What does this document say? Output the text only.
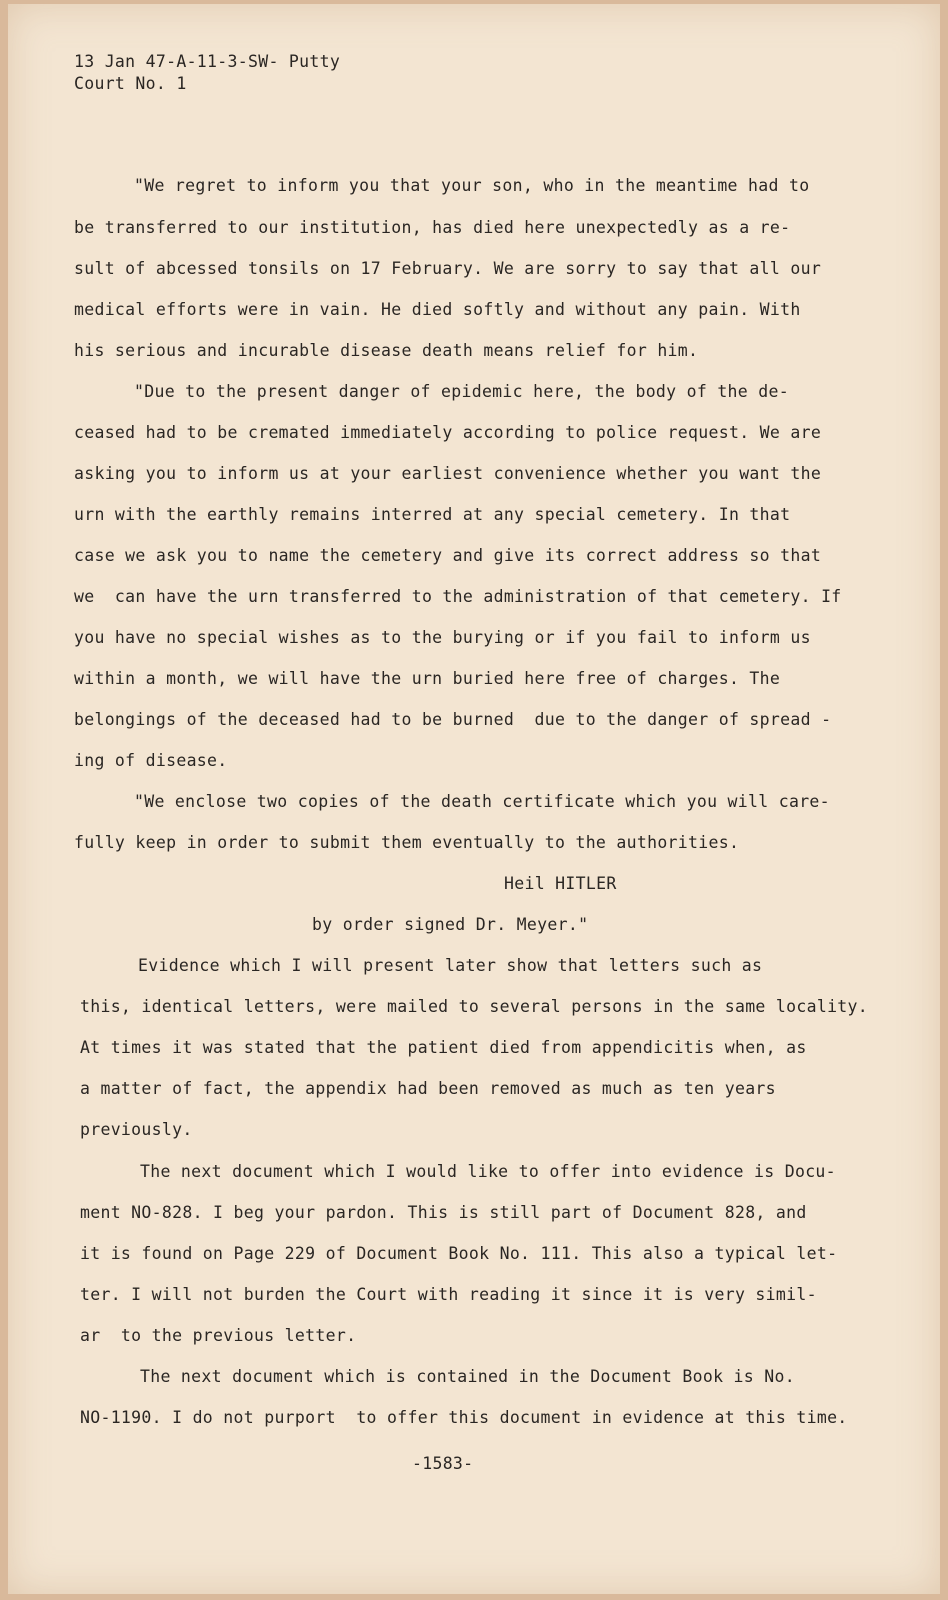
13 Jan 47-A-11-3-SW- Putty
Court No. 1
"We regret to inform you that your son, who in the meantime had to
be transferred to our institution, has died here unexpectedly as a re-
sult of abcessed tonsils on 17 February. We are sorry to say that all our
medical efforts were in vain. He died softly and without any pain. With
his serious and incurable disease death means relief for him.
"Due to the present danger of epidemic here, the body of the de-
ceased had to be cremated immediately according to police request. We are
asking you to inform us at your earliest convenience whether you want the
urn with the earthly remains interred at any special cemetery. In that
case we ask you to name the cemetery and give its correct address so that
we  can have the urn transferred to the administration of that cemetery. If
you have no special wishes as to the burying or if you fail to inform us
within a month, we will have the urn buried here free of charges. The
belongings of the deceased had to be burned  due to the danger of spread -
ing of disease.
"We enclose two copies of the death certificate which you will care-
fully keep in order to submit them eventually to the authorities.
Heil HITLER
by order signed Dr. Meyer."
Evidence which I will present later show that letters such as
this, identical letters, were mailed to several persons in the same locality.
At times it was stated that the patient died from appendicitis when, as
a matter of fact, the appendix had been removed as much as ten years
previously.
The next document which I would like to offer into evidence is Docu-
ment NO-828. I beg your pardon. This is still part of Document 828, and
it is found on Page 229 of Document Book No. 111. This also a typical let-
ter. I will not burden the Court with reading it since it is very simil-
ar  to the previous letter.
The next document which is contained in the Document Book is No.
NO-1190. I do not purport  to offer this document in evidence at this time.
-1583-
